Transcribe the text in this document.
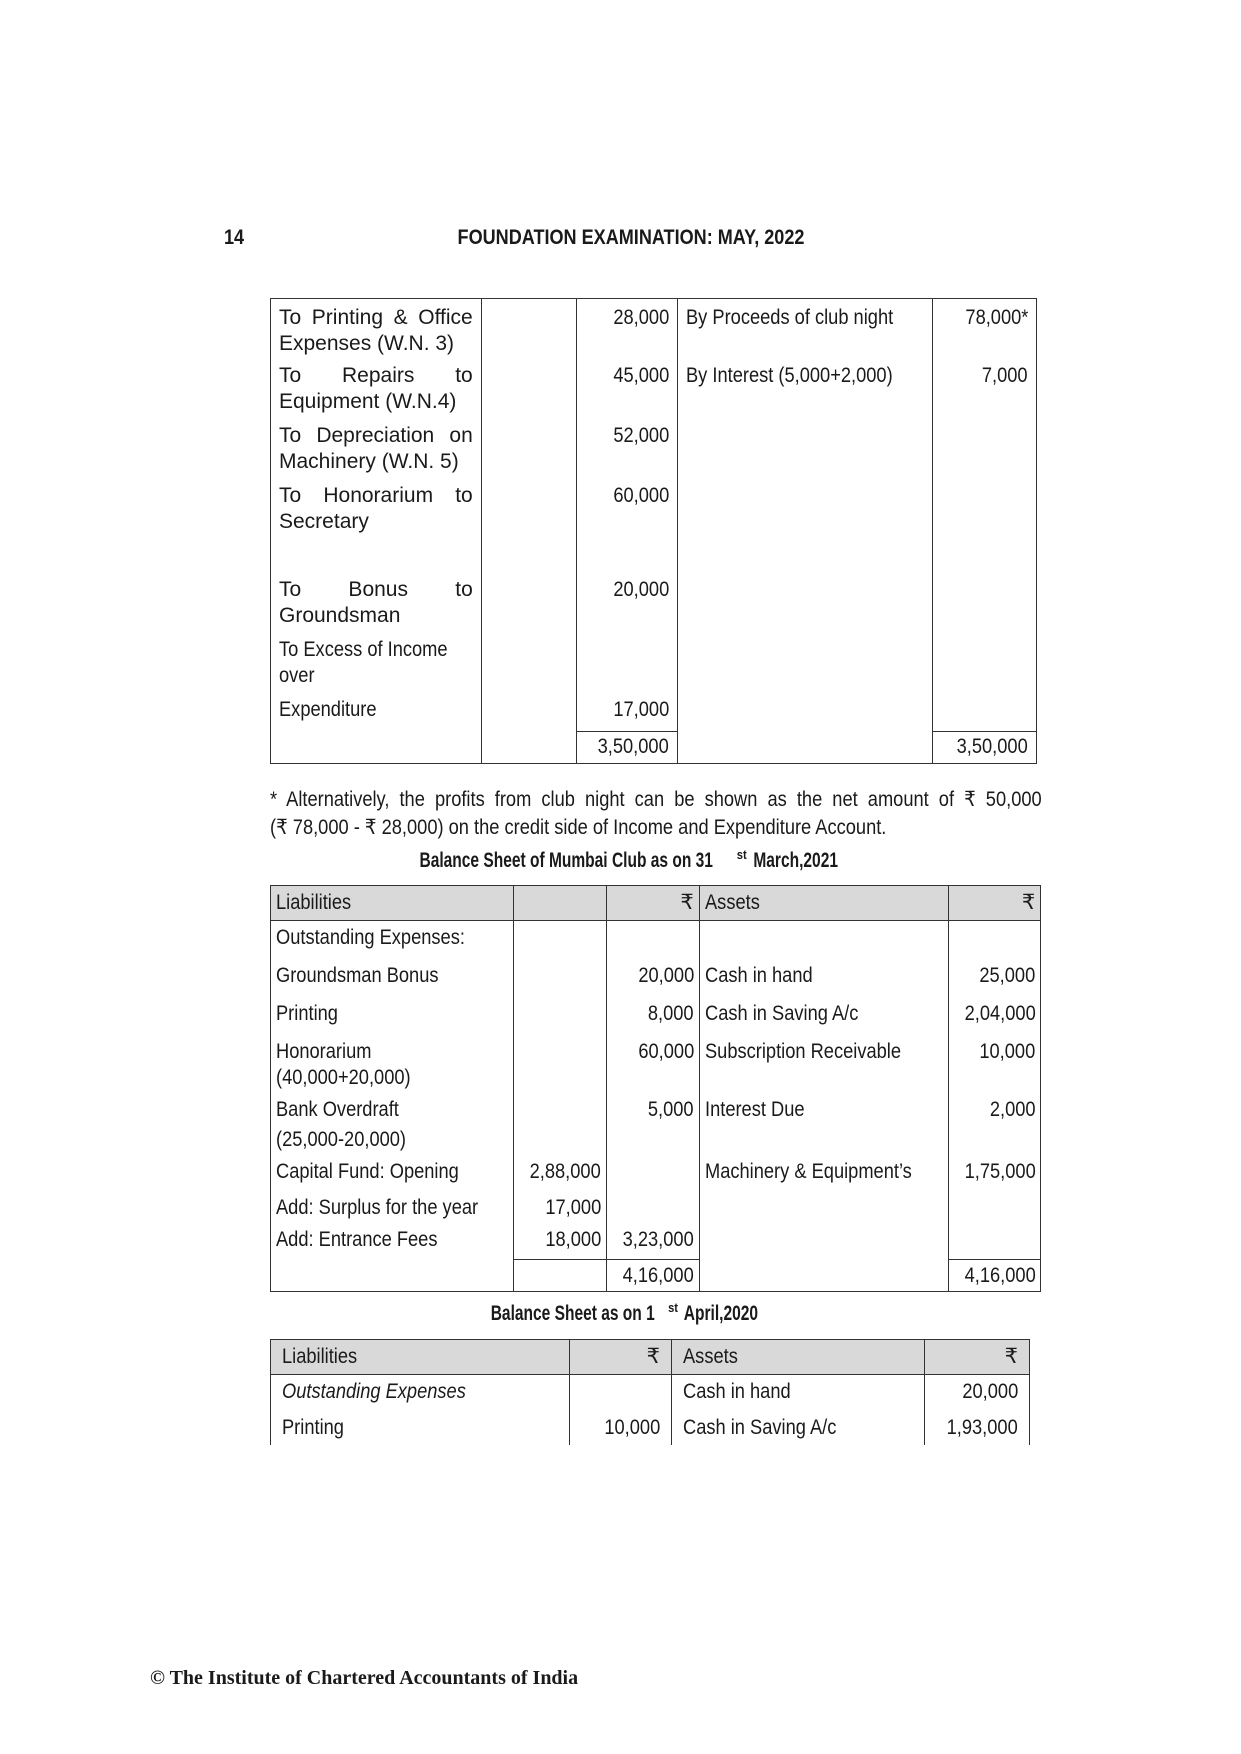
14	FOUNDATION EXAMINATION: MAY, 2022
To Printing & Office
Expenses (W.N. 3)		28,000	By Proceeds of club night	78,000*

To Repairs to
Equipment (W.N.4)		45,000	By Interest (5,000+2,000)	7,000

To Depreciation on
Machinery (W.N. 5)		52,000		

To Honorarium to
Secretary		60,000		

To Bonus to
Groundsman		20,000		

To Excess of Income
over				

Expenditure		17,000		
		3,50,000		3,50,000
* Alternatively, the profits from club night can be shown as the net amount of ₹ 50,000
(₹ 78,000 - ₹ 28,000) on the credit side of Income and Expenditure Account.
Balance Sheet of Mumbai Club as on 31 $^{st}$March,2021
Liabilities		₹	Assets	₹
Outstanding Expenses:				
Groundsman Bonus		20,000	Cash in hand	25,000
Printing		8,000	Cash in Saving A/c	2,04,000

Honorarium
(40,000+20,000)		60,000	Subscription Receivable	10,000

Bank Overdraft
(25,000-20,000)		5,000	Interest Due	2,000
Capital Fund: Opening	2,88,000		Machinery & Equipment’s	1,75,000
Add: Surplus for the year	17,000			
Add: Entrance Fees	18,000	3,23,000		
		4,16,000		4,16,000
Balance Sheet as on 1 $^{st}$April,2020
Liabilities	₹	Assets	₹
Outstanding Expenses		Cash in hand	20,000
Printing	10,000	Cash in Saving A/c	1,93,000
© The Institute of Chartered Accountants of India
